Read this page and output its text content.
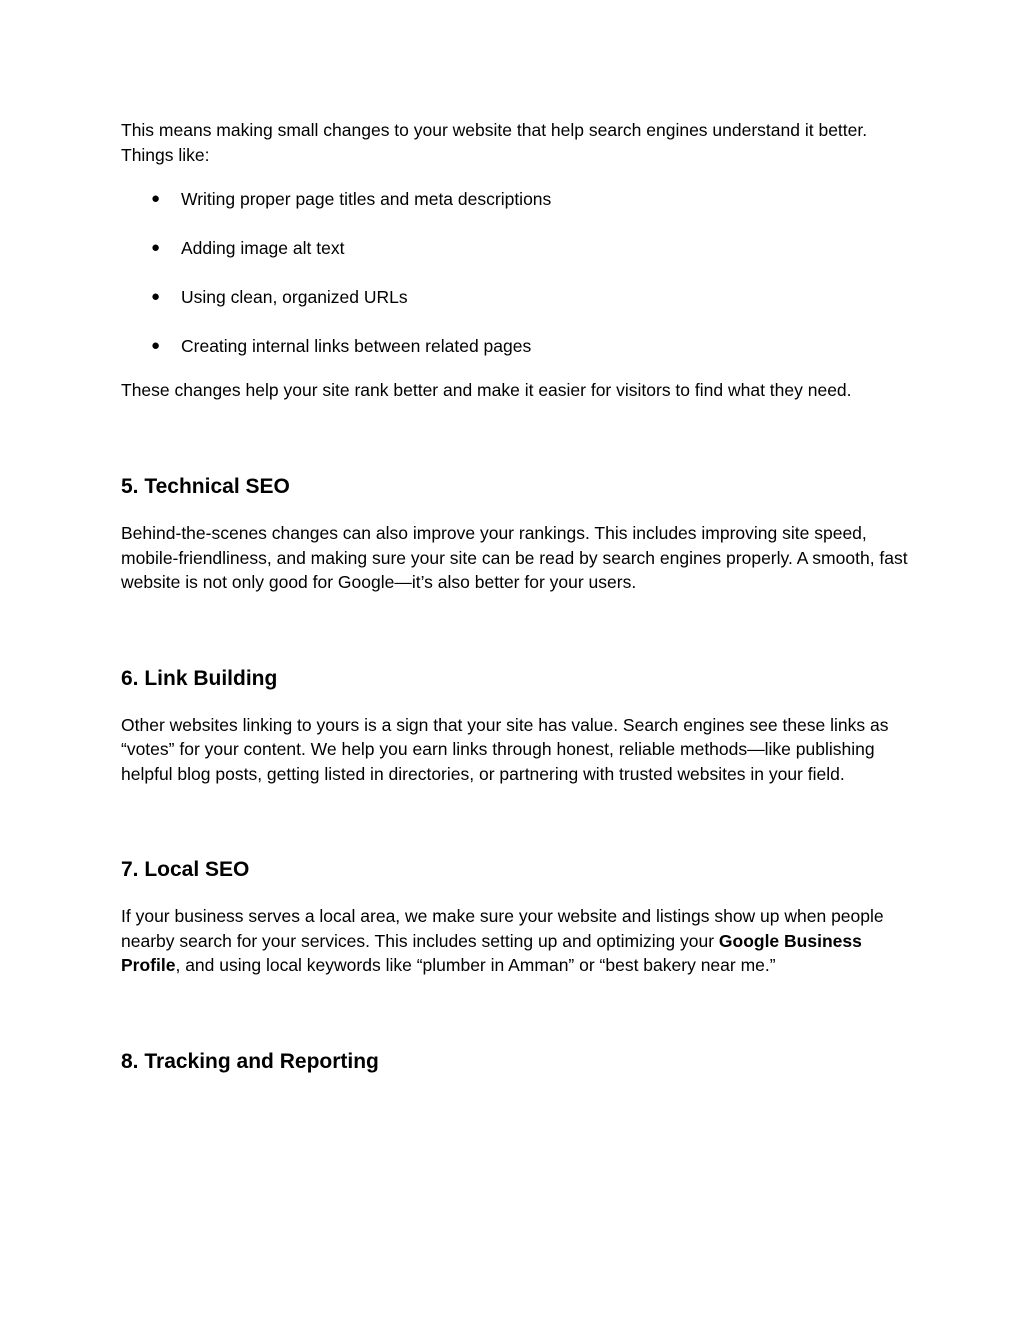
This means making small changes to your website that help search engines understand it better. Things like:

● Writing proper page titles and meta descriptions
● Adding image alt text
● Using clean, organized URLs
● Creating internal links between related pages

These changes help your site rank better and make it easier for visitors to find what they need.

5. Technical SEO

Behind-the-scenes changes can also improve your rankings. This includes improving site speed, mobile-friendliness, and making sure your site can be read by search engines properly. A smooth, fast website is not only good for Google—it’s also better for your users.

6. Link Building

Other websites linking to yours is a sign that your site has value. Search engines see these links as “votes” for your content. We help you earn links through honest, reliable methods—like publishing helpful blog posts, getting listed in directories, or partnering with trusted websites in your field.

7. Local SEO

If your business serves a local area, we make sure your website and listings show up when people nearby search for your services. This includes setting up and optimizing your Google Business Profile, and using local keywords like “plumber in Amman” or “best bakery near me.”

8. Tracking and Reporting
